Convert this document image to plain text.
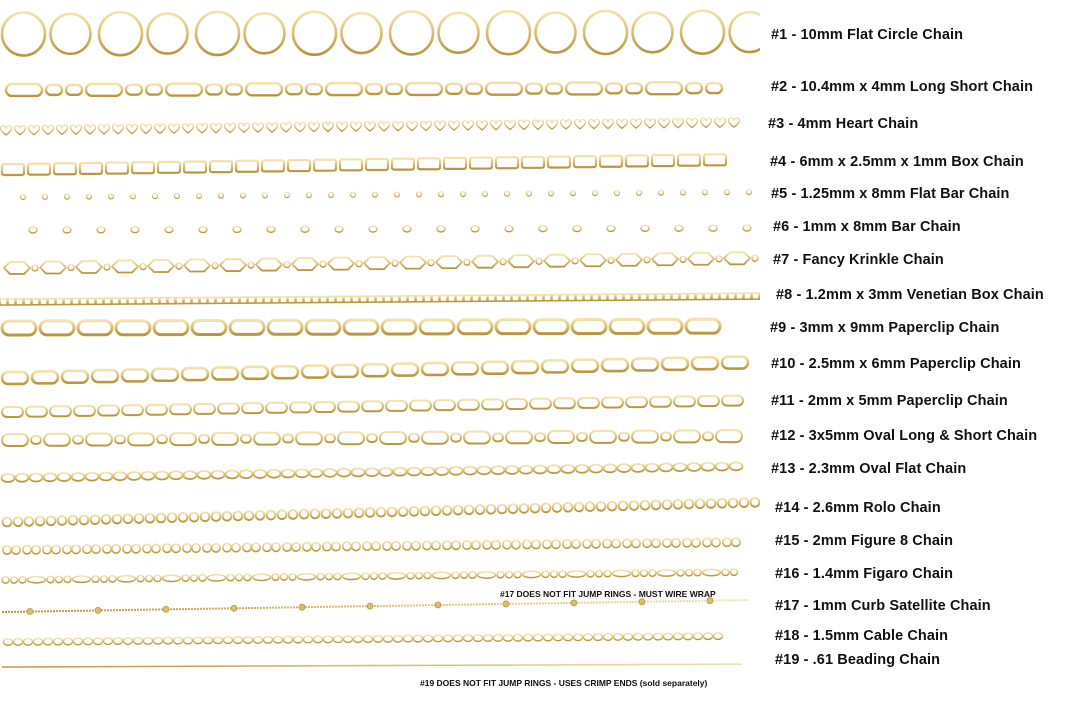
#1 - 10mm Flat Circle Chain
#2 - 10.4mm x 4mm Long Short Chain
#3 - 4mm Heart Chain
#4 - 6mm x 2.5mm x 1mm Box Chain
#5 - 1.25mm x 8mm Flat Bar Chain
#6 - 1mm x 8mm Bar Chain
#7 - Fancy Krinkle Chain
#8 - 1.2mm x 3mm Venetian Box Chain
#9 - 3mm x 9mm Paperclip Chain
#10 - 2.5mm x 6mm Paperclip Chain
#11 - 2mm x 5mm Paperclip Chain
#12 - 3x5mm Oval Long & Short Chain
#13 - 2.3mm Oval Flat Chain
#14 - 2.6mm Rolo Chain
#15 - 2mm Figure 8 Chain
#16 - 1.4mm Figaro Chain
#17 - 1mm Curb Satellite Chain
#18 - 1.5mm Cable Chain
#19 - .61 Beading Chain
#17 DOES NOT FIT JUMP RINGS - MUST WIRE WRAP
#19 DOES NOT FIT JUMP RINGS - USES CRIMP ENDS (sold separately)
